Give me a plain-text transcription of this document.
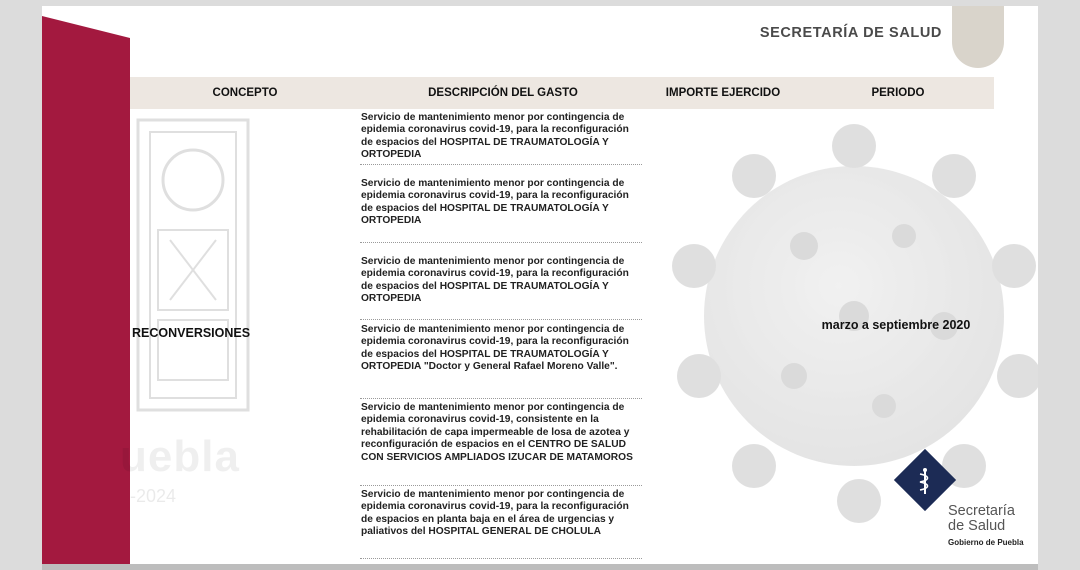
SECRETARÍA DE SALUD
uebla
-2024
CONCEPTO	DESCRIPCIÓN DEL GASTO	IMPORTE EJERCIDO	PERIODO
RECONVERSIONES
marzo a septiembre 2020
Servicio de mantenimiento menor por contingencia de epidemia coronavirus covid-19, para la reconfiguración de espacios del HOSPITAL DE TRAUMATOLOGÍA Y ORTOPEDIA
Servicio de mantenimiento menor por contingencia de epidemia coronavirus covid-19, para la reconfiguración de espacios del HOSPITAL DE TRAUMATOLOGÍA Y ORTOPEDIA
Servicio de mantenimiento menor por contingencia de epidemia coronavirus covid-19, para la reconfiguración de espacios del HOSPITAL DE TRAUMATOLOGÍA Y ORTOPEDIA
Servicio de mantenimiento menor por contingencia de epidemia coronavirus covid-19, para la reconfiguración de espacios del HOSPITAL DE TRAUMATOLOGÍA Y ORTOPEDIA "Doctor y General Rafael Moreno Valle".
Servicio de mantenimiento menor por contingencia de epidemia coronavirus covid-19, consistente en la rehabilitación de capa impermeable de losa de azotea y reconfiguración de espacios en el CENTRO DE SALUD CON SERVICIOS AMPLIADOS IZUCAR DE MATAMOROS
Servicio de mantenimiento menor por contingencia de epidemia coronavirus covid-19, para la reconfiguración de espacios en planta baja en el área de urgencias y paliativos del HOSPITAL GENERAL DE CHOLULA
Secretaría
de Salud
Gobierno de Puebla
